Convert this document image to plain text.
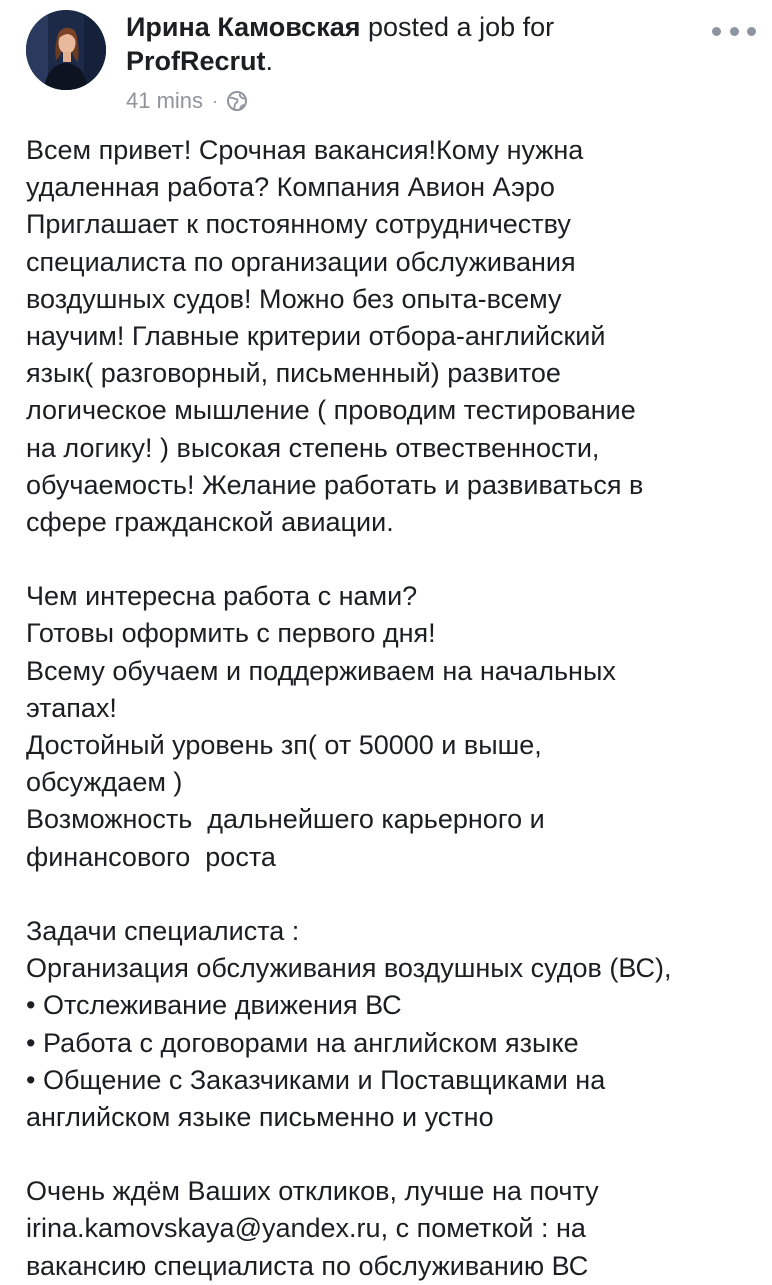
Ирина Камовская posted a job for ProfRecrut.
41 mins ·
Всем привет! Срочная вакансия!Кому нужна
удаленная работа? Компания Авион Аэро
Приглашает к постоянному сотрудничеству
специалиста по организации обслуживания
воздушных судов! Можно без опыта-всему
научим! Главные критерии отбора-английский
язык( разговорный, письменный) развитое
логическое мышление ( проводим тестирование
на логику! ) высокая степень отвественности,
обучаемость! Желание работать и развиваться в
сфере гражданской авиации.
Чем интересна работа с нами?
Готовы оформить с первого дня!
Всему обучаем и поддерживаем на начальных
этапах!
Достойный уровень зп( от 50000 и выше,
обсуждаем )
Возможность  дальнейшего карьерного и
финансового  роста
Задачи специалиста :
Организация обслуживания воздушных судов (ВС),
• Отслеживание движения ВС
• Работа с договорами на английском языке
• Общение с Заказчиками и Поставщиками на
английском языке письменно и устно
Очень ждём Ваших откликов, лучше на почту
irina.kamovskaya@yandex.ru, с пометкой : на
вакансию специалиста по обслуживанию ВС
